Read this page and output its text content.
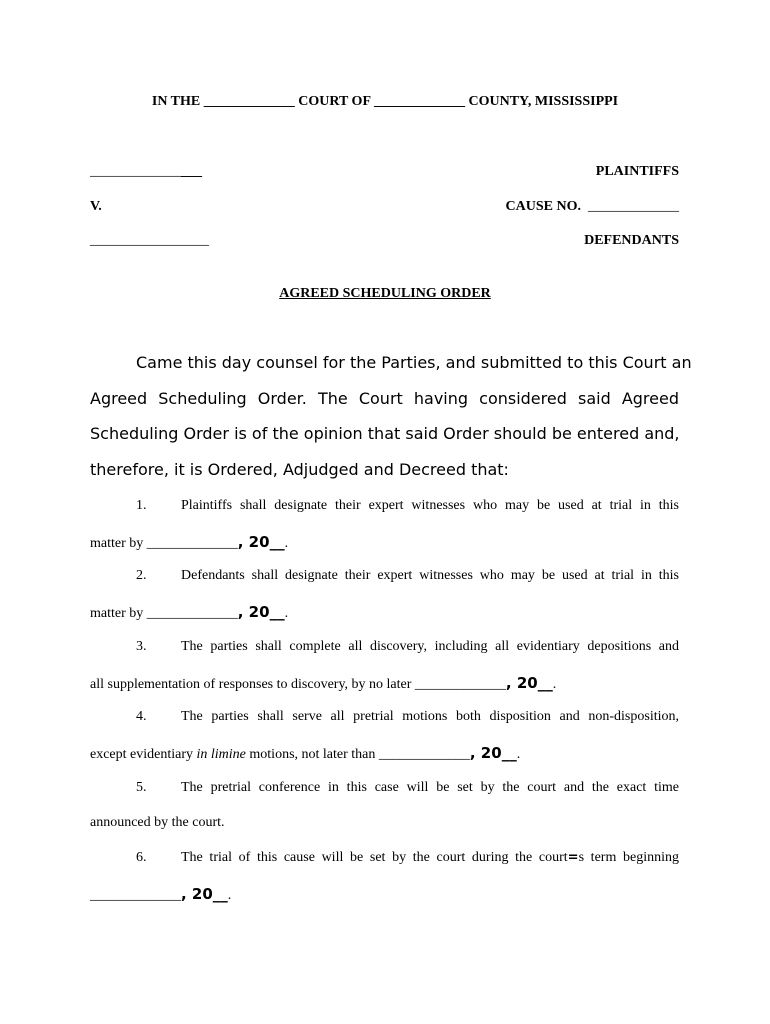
IN THE _____________ COURT OF _____________ COUNTY, MISSISSIPPI
________________	PLAINTIFFS
V.	CAUSE NO. _____________
_________________	DEFENDANTS
AGREED SCHEDULING ORDER
Came this day counsel for the Parties, and submitted to this Court an
Agreed Scheduling Order. The Court having considered said Agreed
Scheduling Order is of the opinion that said Order should be entered and,
therefore, it is Ordered, Adjudged and Decreed that:
1. Plaintiffs shall designate their expert witnesses who may be used at trial in this
matter by _____________, 20__.
2. Defendants shall designate their expert witnesses who may be used at trial in this
matter by _____________, 20__.
3. The parties shall complete all discovery, including all evidentiary depositions and
all supplementation of responses to discovery, by no later _____________, 20__.
4. The parties shall serve all pretrial motions both disposition and non-disposition,
except evidentiary in limine motions, not later than _____________, 20__.
5. The pretrial conference in this case will be set by the court and the exact time
announced by the court.
6. The trial of this cause will be set by the court during the court=s term beginning
_____________, 20__.
